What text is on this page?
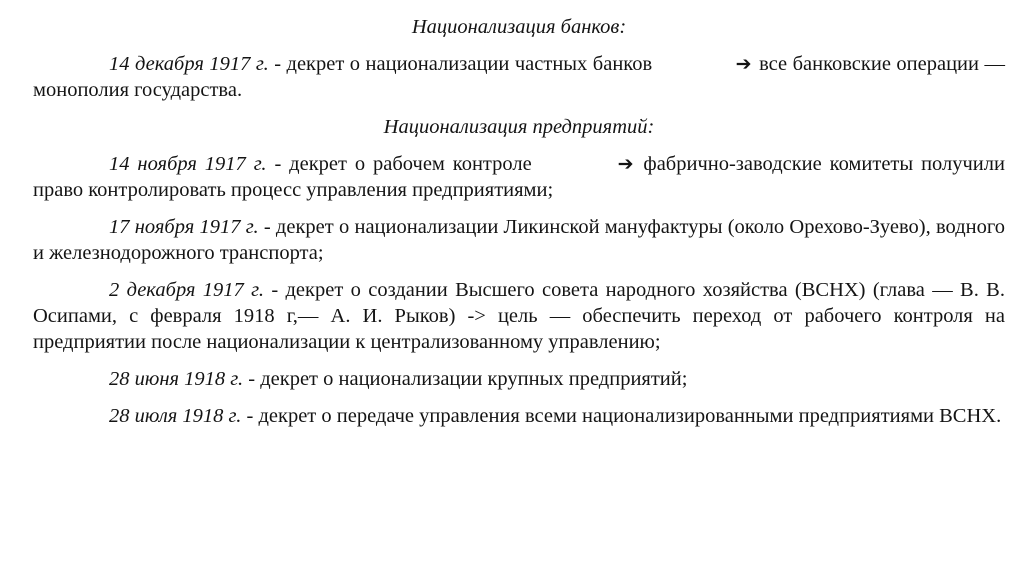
Национализация банков:

14 декабря 1917 г. - декрет о национализации частных банков	➔ все банковские операции — монополия государства.

Национализация предприятий:

14 ноября 1917 г. - декрет о рабочем контроле	➔ фабрично-заводские комитеты получили право контролировать процесс управления предприятиями;

17 ноября 1917 г. - декрет о национализации Ликинской мануфактуры (около Орехово-Зуево), водного и железнодорожного транспорта;

2 декабря 1917 г. - декрет о создании Высшего совета народного хозяйства (ВСНХ) (глава — В. В. Осипами, с февраля 1918 г,— А. И. Рыков) -> цель — обеспечить переход от рабочего контроля на предприятии после национализации к централизованному управлению;

28 июня 1918 г. - декрет о национализации крупных предприятий;

28 июля 1918 г. - декрет о передаче управления всеми национализированными предприятиями ВСНХ.
